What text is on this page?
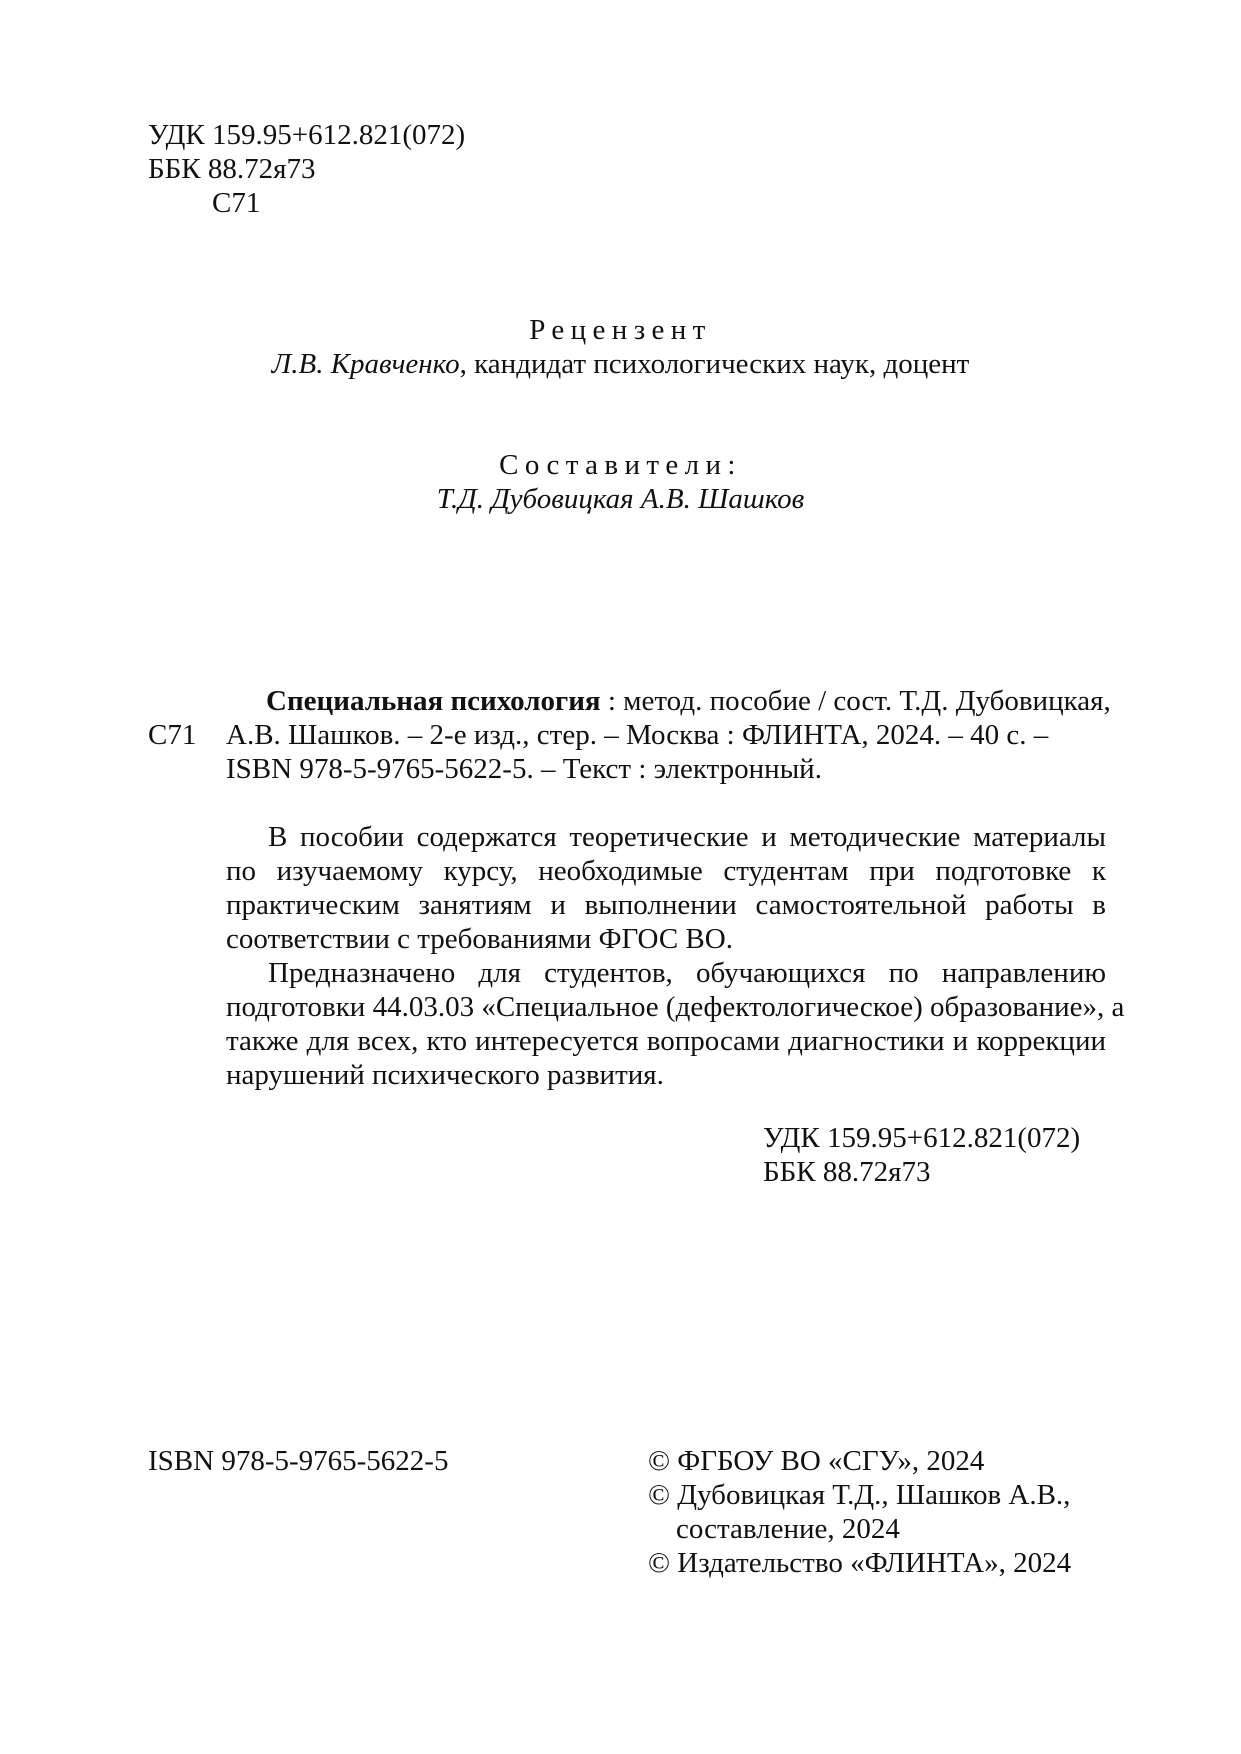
УДК 159.95+612.821(072)
ББК 88.72я73
С71
Рецензент
Л.В. Кравченко, кандидат психологических наук, доцент
Составители:
Т.Д. Дубовицкая А.В. Шашков
Специальная психология : метод. пособие / сост. Т.Д. Дубовицкая,
С71 А.В. Шашков. – 2-е изд., стер. – Москва : ФЛИНТА, 2024. – 40 с. –
ISBN 978-5-9765-5622-5. – Текст : электронный.
В пособии содержатся теоретические и методические материалы
по изучаемому курсу, необходимые студентам при подготовке к
практическим занятиям и выполнении самостоятельной работы в
соответствии с требованиями ФГОС ВО.
Предназначено для студентов, обучающихся по направлению
подготовки 44.03.03 «Специальное (дефектологическое) образование», а
также для всех, кто интересуется вопросами диагностики и коррекции
нарушений психического развития.
УДК 159.95+612.821(072)
ББК 88.72я73
ISBN 978-5-9765-5622-5	© ФГБОУ ВО «СГУ», 2024
© Дубовицкая Т.Д., Шашков А.В.,
составление, 2024
© Издательство «ФЛИНТА», 2024
